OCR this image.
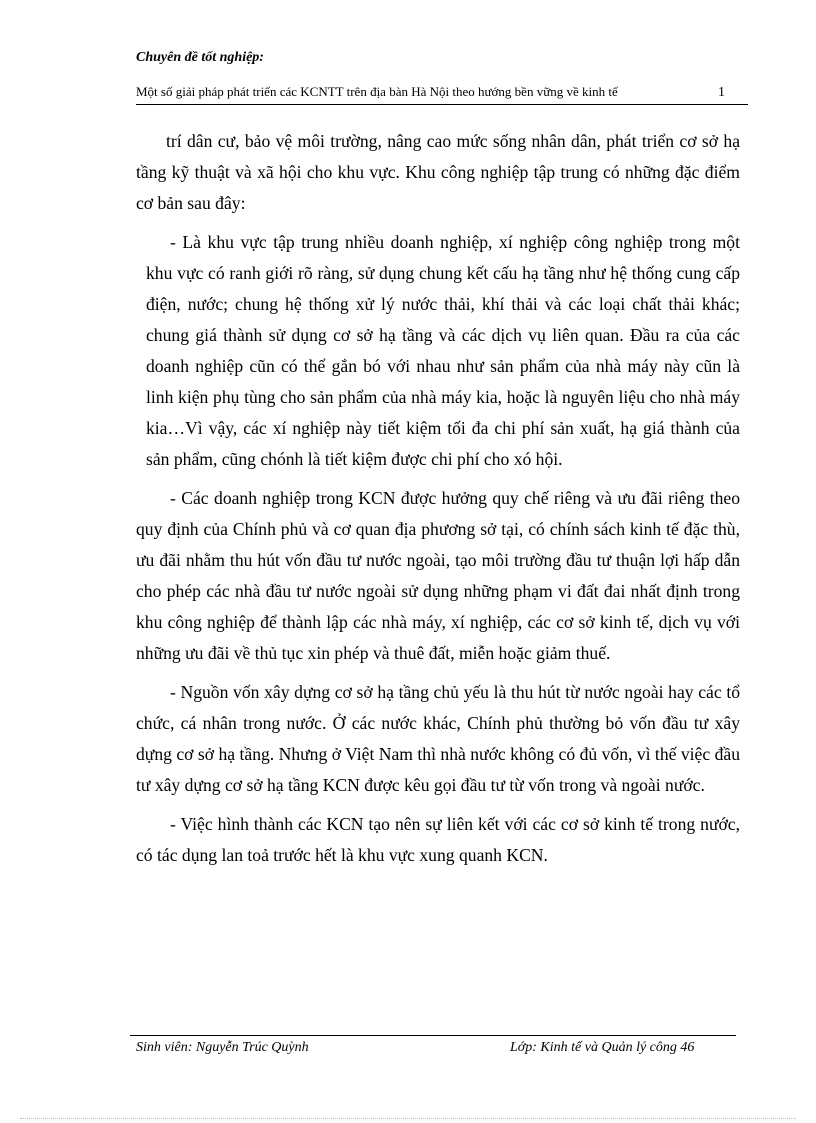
Chuyên đề tốt nghiệp:
Một số giải pháp phát triển các KCNTT trên địa bàn Hà Nội theo hướng bền vững về kinh tế	1

trí dân cư, bảo vệ môi trường, nâng cao mức sống nhân dân, phát triển cơ sở hạ tầng kỹ thuật và xã hội cho khu vực. Khu công nghiệp tập trung có những đặc điểm cơ bản sau đây:

- Là khu vực tập trung nhiều doanh nghiệp, xí nghiệp công nghiệp trong một khu vực có ranh giới rõ ràng, sử dụng chung kết cấu hạ tầng như hệ thống cung cấp điện, nước; chung hệ thống xử lý nước thải, khí thải và các loại chất thải khác; chung giá thành sử dụng cơ sở hạ tầng và các dịch vụ liên quan. Đầu ra của các doanh nghiệp cũn có thể gắn bó với nhau như sản phẩm của nhà máy này cũn là linh kiện phụ tùng cho sản phẩm của nhà máy kia, hoặc là nguyên liệu cho nhà máy kia…Vì vậy, các xí nghiệp này tiết kiệm tối đa chi phí sản xuất, hạ giá thành của sản phẩm, cũng chónh là tiết kiệm được chi phí cho xó hội.

- Các doanh nghiệp trong KCN được hưởng quy chế riêng và ưu đãi riêng theo quy định của Chính phủ và cơ quan địa phương sở tại, có chính sách kinh tế đặc thù, ưu đãi nhằm thu hút vốn đầu tư nước ngoài, tạo môi trường đầu tư thuận lợi hấp dẫn cho phép các nhà đầu tư nước ngoài sử dụng những phạm vi đất đai nhất định trong khu công nghiệp để thành lập các nhà máy, xí nghiệp, các cơ sở kinh tế, dịch vụ với những ưu đãi về thủ tục xin phép và thuê đất, miễn hoặc giảm thuế.

- Nguồn vốn xây dựng cơ sở hạ tầng chủ yếu là thu hút từ nước ngoài hay các tổ chức, cá nhân trong nước. Ở các nước khác, Chính phủ thường bỏ vốn đầu tư xây dựng cơ sở hạ tầng. Nhưng ở Việt Nam thì nhà nước không có đủ vốn, vì thế việc đầu tư xây dựng cơ sở hạ tầng KCN được kêu gọi đầu tư từ vốn trong và ngoài nước.

- Việc hình thành các KCN tạo nên sự liên kết với các cơ sở kinh tế trong nước, có tác dụng lan toả trước hết là khu vực xung quanh KCN.

Sinh viên: Nguyễn Trúc Quỳnh	Lớp: Kinh tế và Quản lý công 46
